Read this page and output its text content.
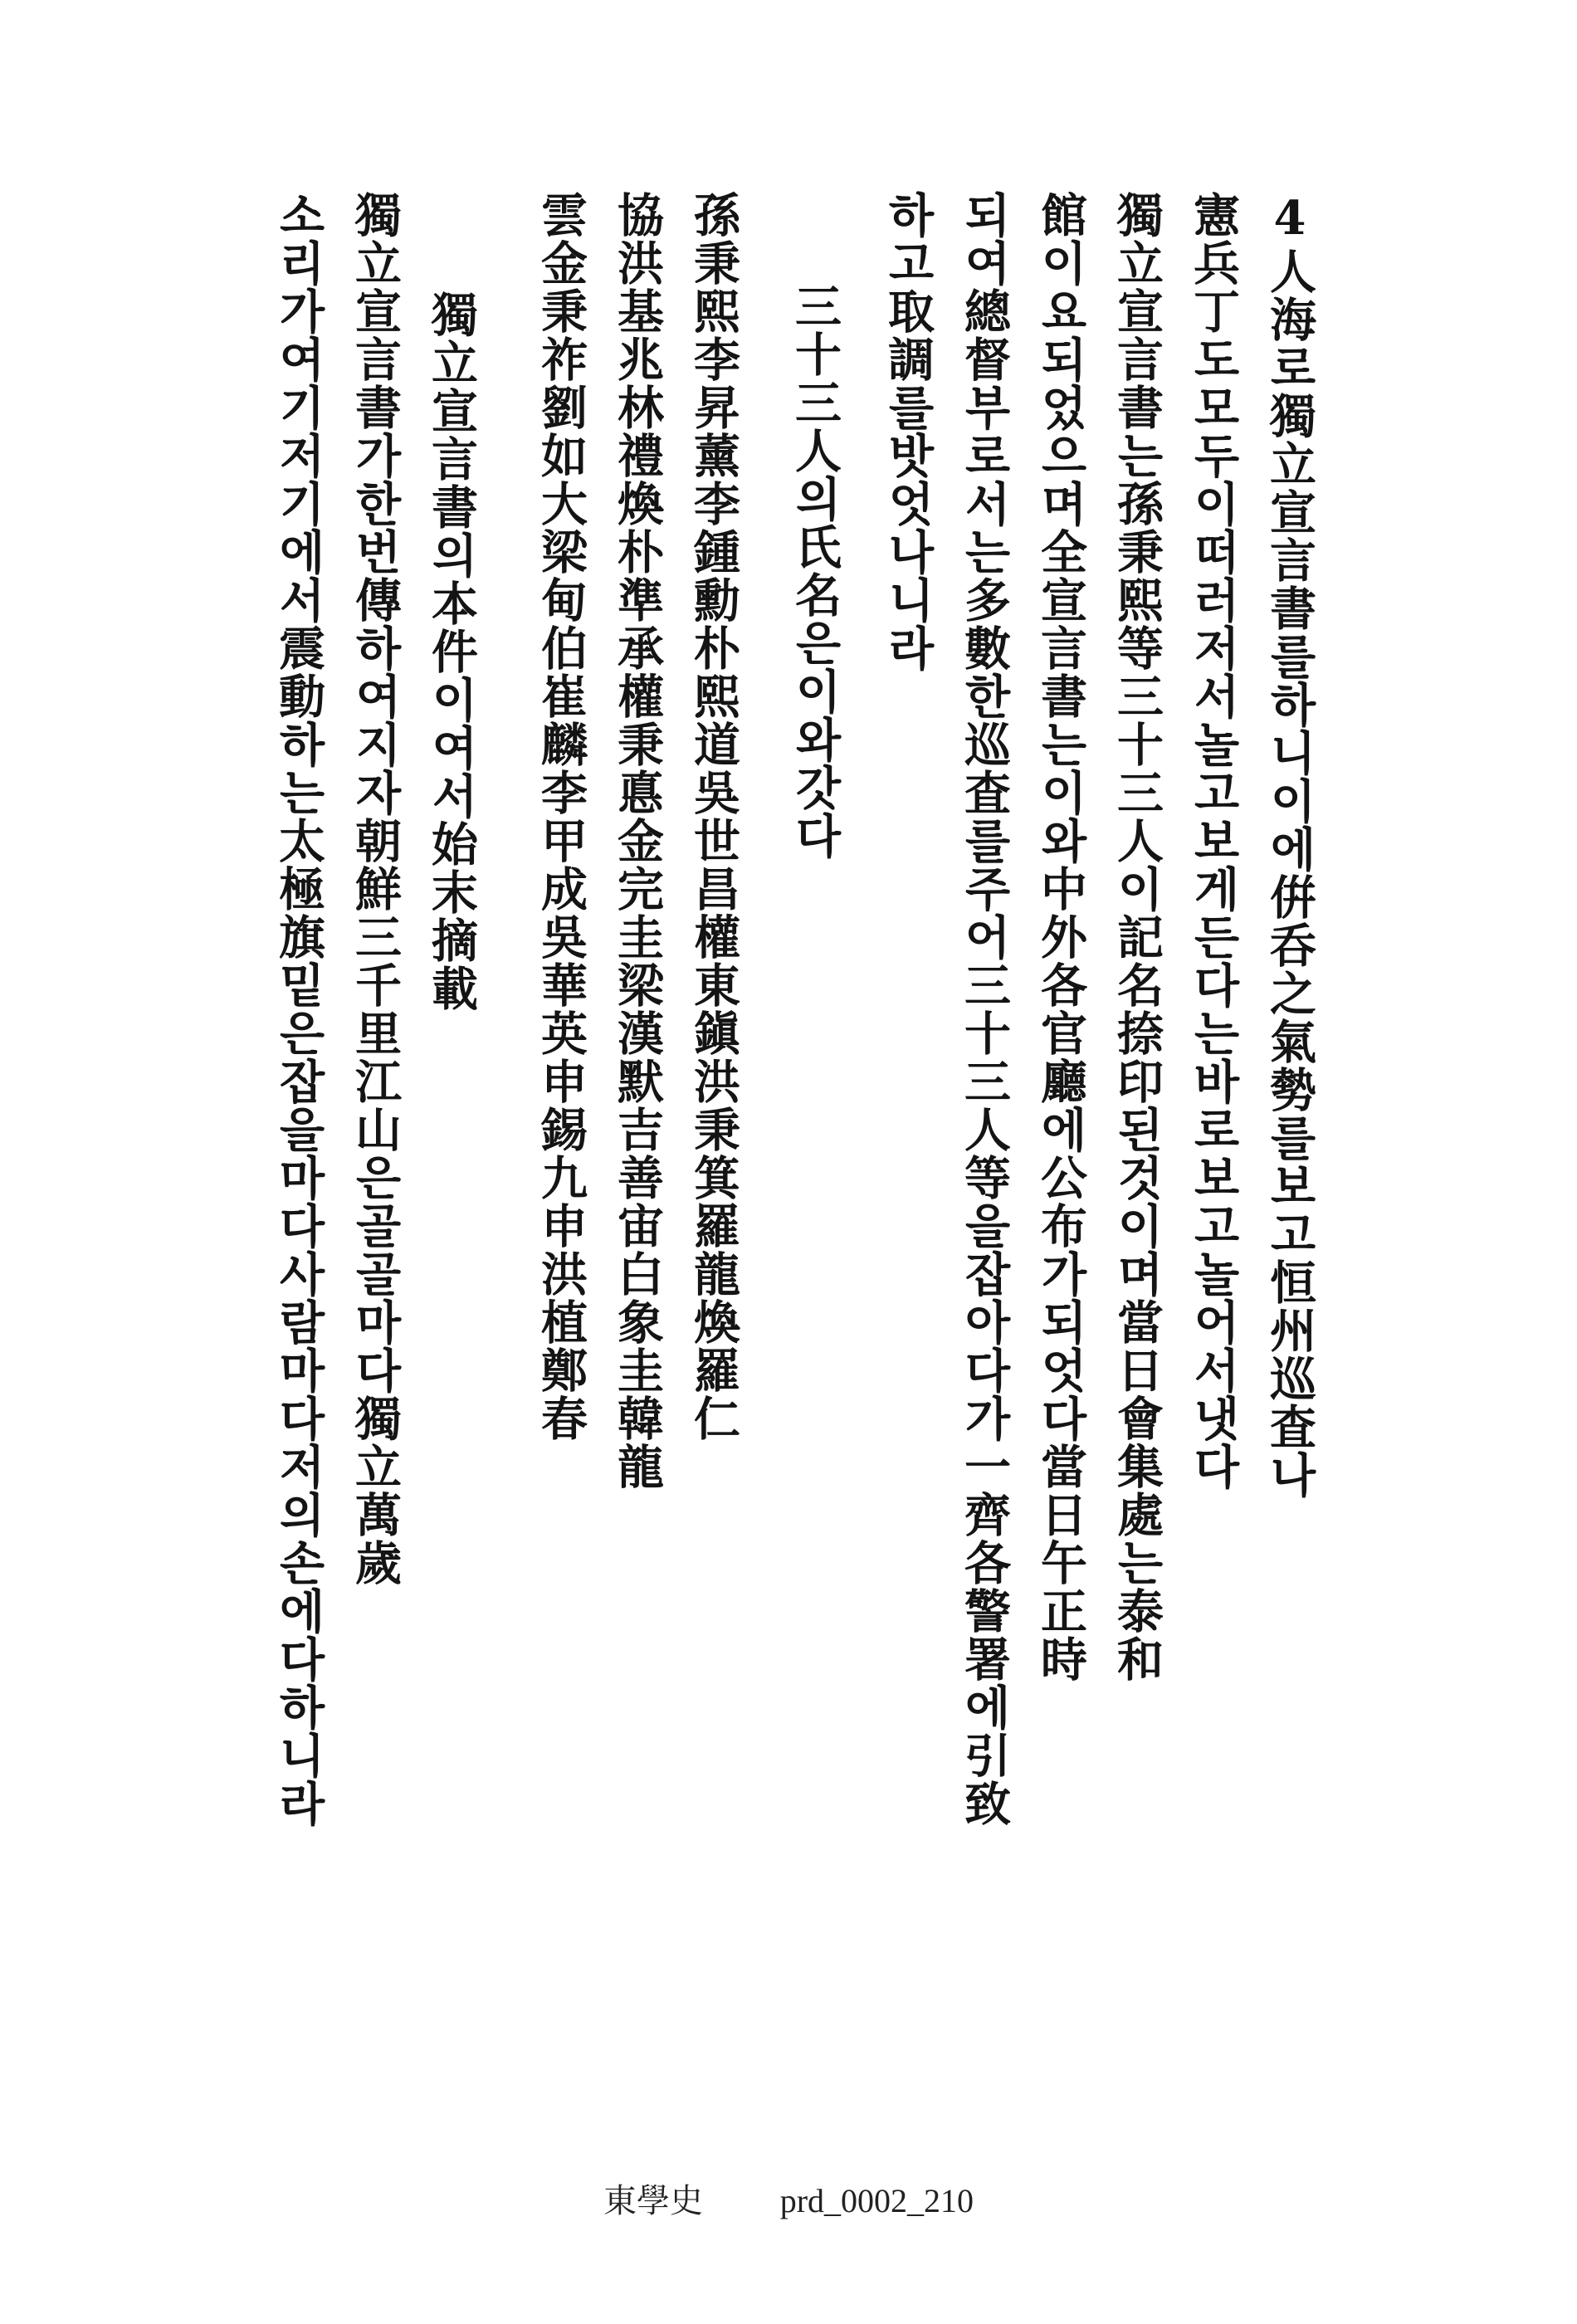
4人海로獨立宣言書를하니이에倂呑之氣勢를보고恒州巡査나
憲兵丁도모두이떠러저서놀고보게든다는바로보고놀어서냇다
獨立宣言書는孫秉熙等三十三人이記名捺印된것이며當日會集處는泰和
館이요되었으며全宣言書는이와中外各官廳에公布가되엇다當日午正時
되여總督부로서는多數한巡査를주어三十三人等을잡아다가一齊各警署에引致
하고取調를밧엇나니라
三十三人의氏名은이와갓다
孫秉熙李昇薰李鍾勳朴熙道吳世昌權東鎭洪秉箕羅龍煥羅仁
協洪基兆林禮煥朴準承權秉悳金完圭梁漢默吉善宙白象圭韓龍
雲金秉祚劉如大梁甸伯崔麟李甲成吳華英申錫九申洪植鄭春
獨立宣言書의本件이여서始末摘載
獨立宣言書가한번傳하여지자朝鮮三千里江山은골골마다獨立萬歲
소리가여기저기에서震動하는太極旗밑은잡을마다사람마다저의손에다하니라
東學史 prd_0002_210
